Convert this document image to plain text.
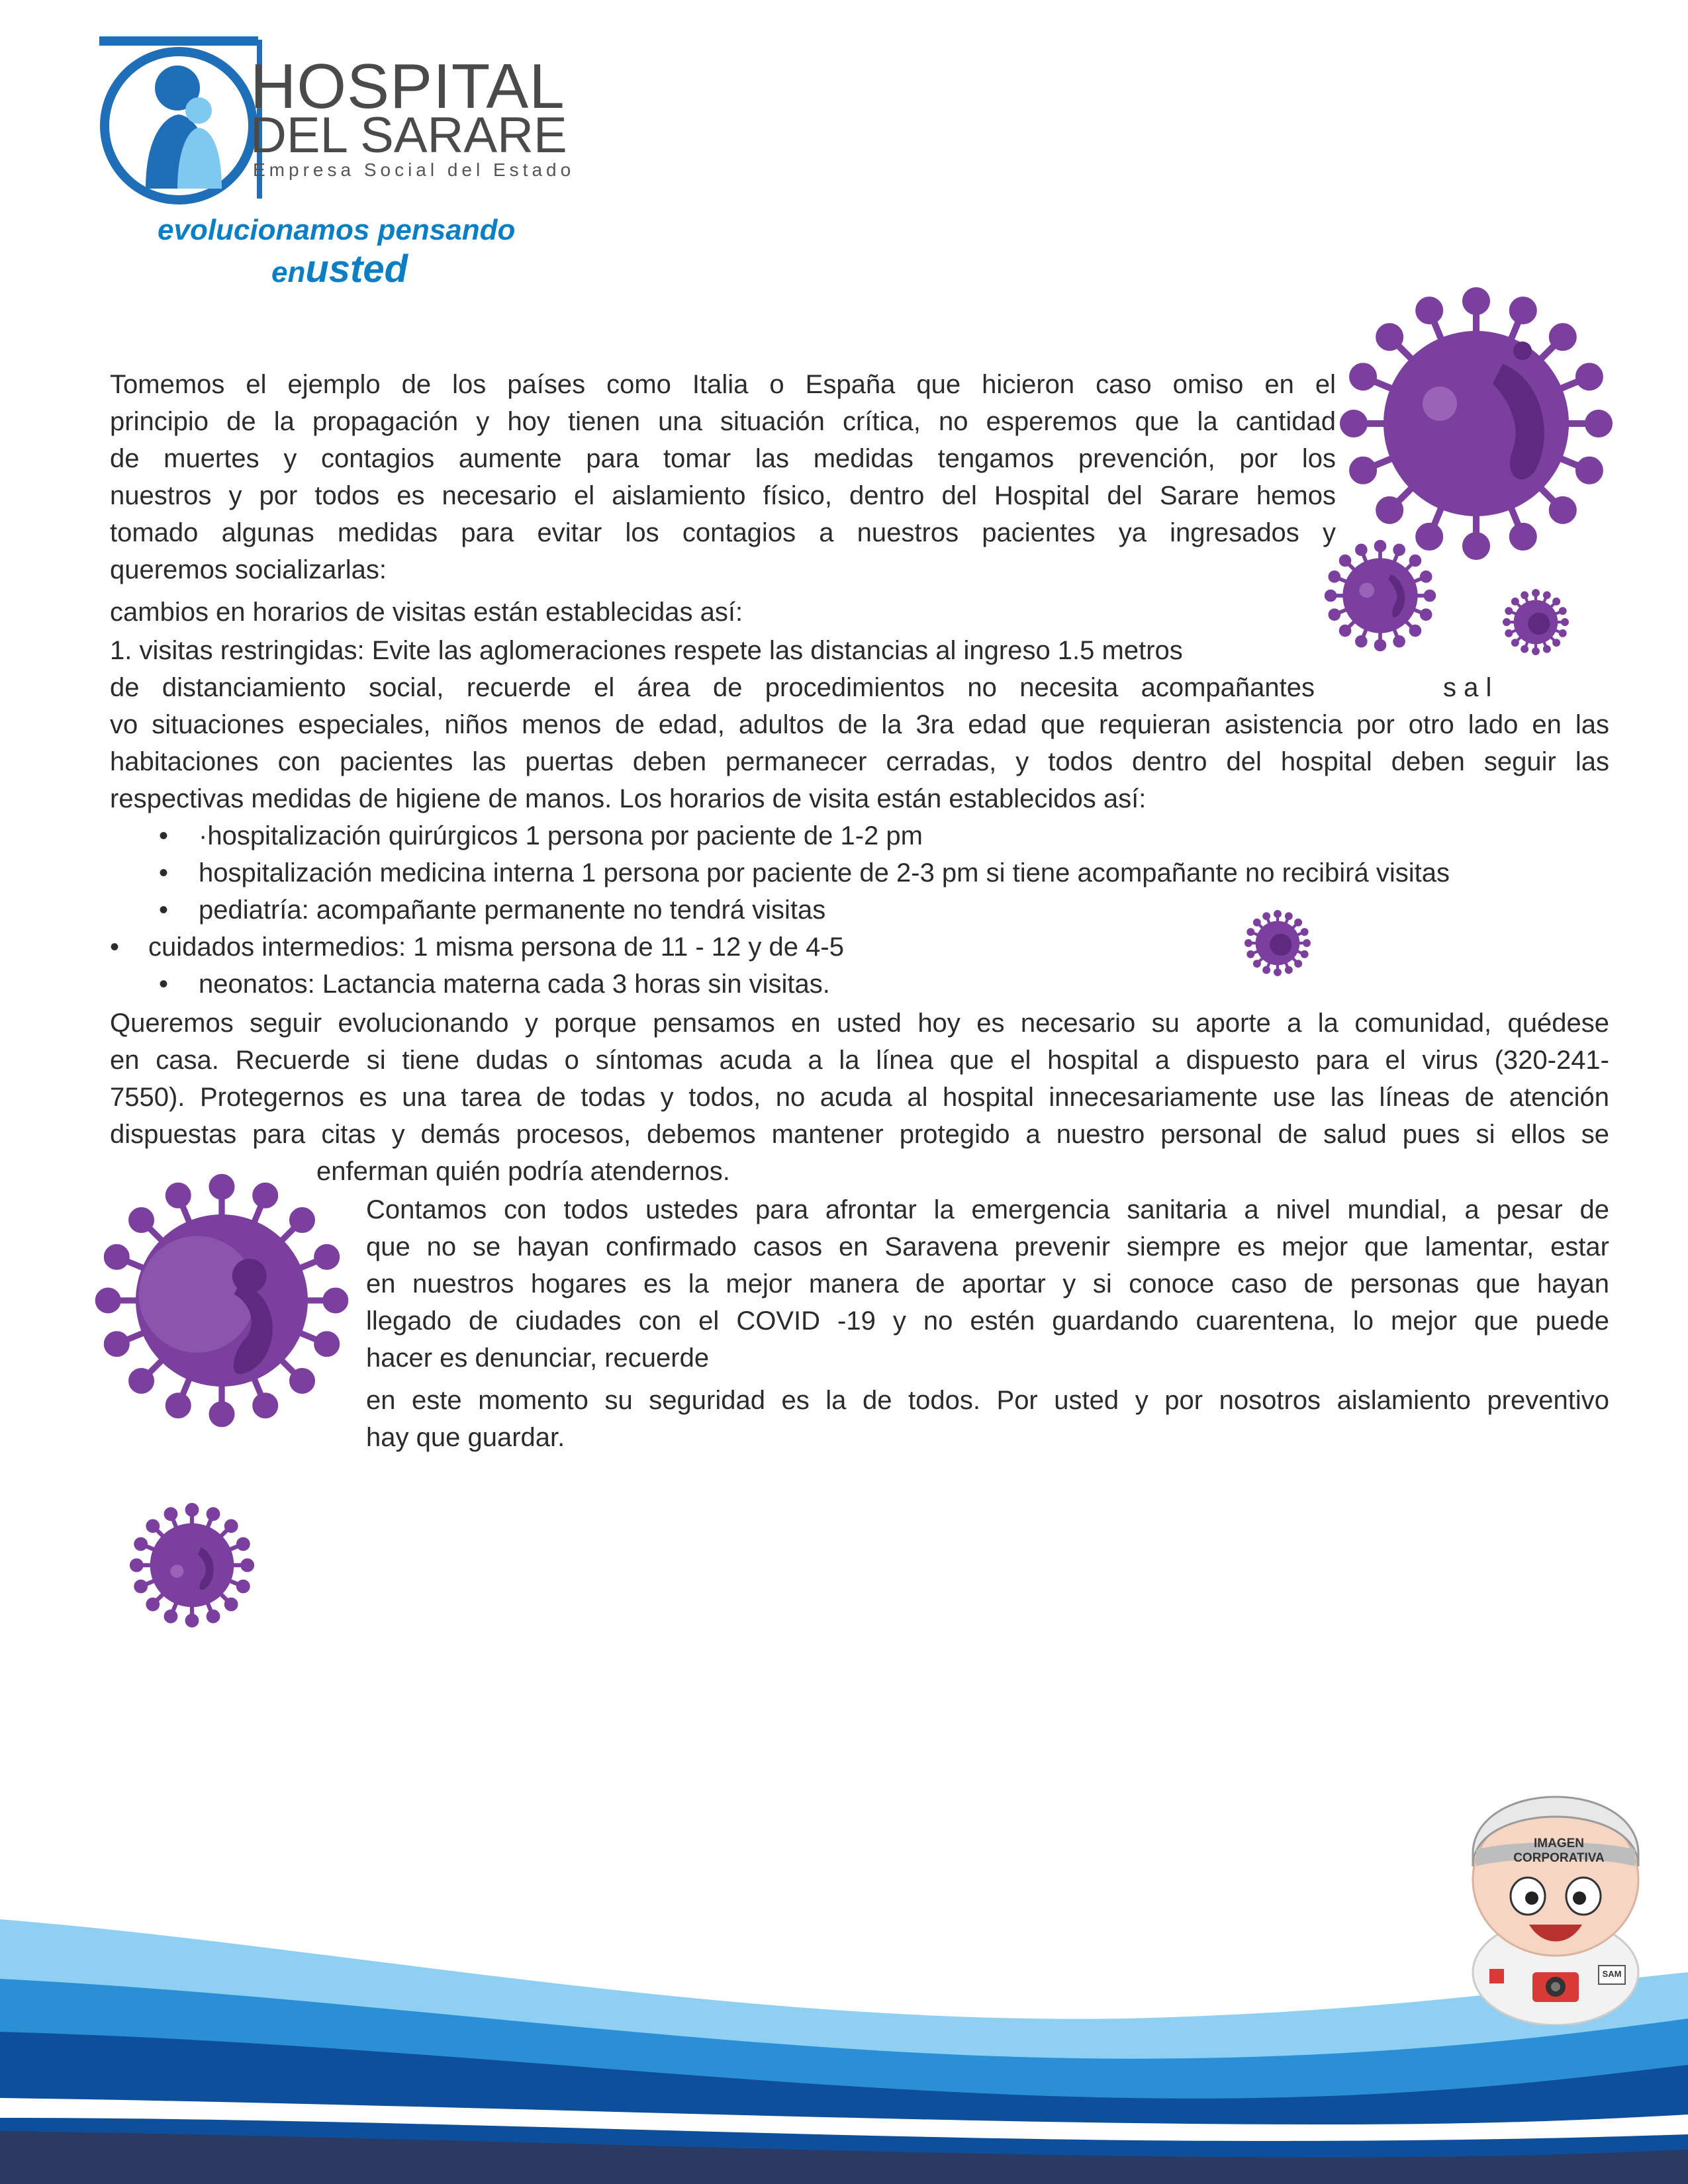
HOSPITAL
DEL SARARE
Empresa Social del Estado
evolucionamos pensando
enusted
Tomemos el ejemplo de los países como Italia o España que hicieron caso omiso en el
principio de la propagación y hoy tienen una situación crítica, no esperemos que la cantidad
de muertes y contagios aumente para tomar las medidas tengamos prevención, por los
nuestros y por todos es necesario el aislamiento físico, dentro del Hospital del Sarare hemos
tomado algunas medidas para evitar los contagios a nuestros pacientes ya ingresados y
queremos socializarlas:
cambios en horarios de visitas están establecidas así:
1. visitas restringidas: Evite las aglomeraciones respete las distancias al ingreso 1.5 metros
de distanciamiento social, recuerde el área de procedimientos no necesita acompañantes	s a l
vo situaciones especiales, niños menos de edad, adultos de la 3ra edad que requieran asistencia por otro lado en las
habitaciones con pacientes las puertas deben permanecer cerradas, y todos dentro del hospital deben seguir las
respectivas medidas de higiene de manos. Los horarios de visita están establecidos así:
• ·hospitalización quirúrgicos 1 persona por paciente de 1-2 pm
• hospitalización medicina interna 1 persona por paciente de 2-3 pm si tiene acompañante no recibirá visitas
• pediatría: acompañante permanente no tendrá visitas
• cuidados intermedios: 1 misma persona de 11 - 12 y de 4-5
• neonatos: Lactancia materna cada 3 horas sin visitas.
Queremos seguir evolucionando y porque pensamos en usted hoy es necesario su aporte a la comunidad, quédese
en casa. Recuerde si tiene dudas o síntomas acuda a la línea que el hospital a dispuesto para el virus (320-241-
7550). Protegernos es una tarea de todas y todos, no acuda al hospital innecesariamente use las líneas de atención
dispuestas para citas y demás procesos, debemos mantener protegido a nuestro personal de salud pues si ellos se
enferman quién podría atendernos.
Contamos con todos ustedes para afrontar la emergencia sanitaria a nivel mundial, a pesar de
que no se hayan confirmado casos en Saravena prevenir siempre es mejor que lamentar, estar
en nuestros hogares es la mejor manera de aportar y si conoce caso de personas que hayan
llegado de ciudades con el COVID -19 y no estén guardando cuarentena, lo mejor que puede
hacer es denunciar, recuerde
en este momento su seguridad es la de todos. Por usted y por nosotros aislamiento preventivo
hay que guardar.
IMAGEN
CORPORATIVA
SAM
